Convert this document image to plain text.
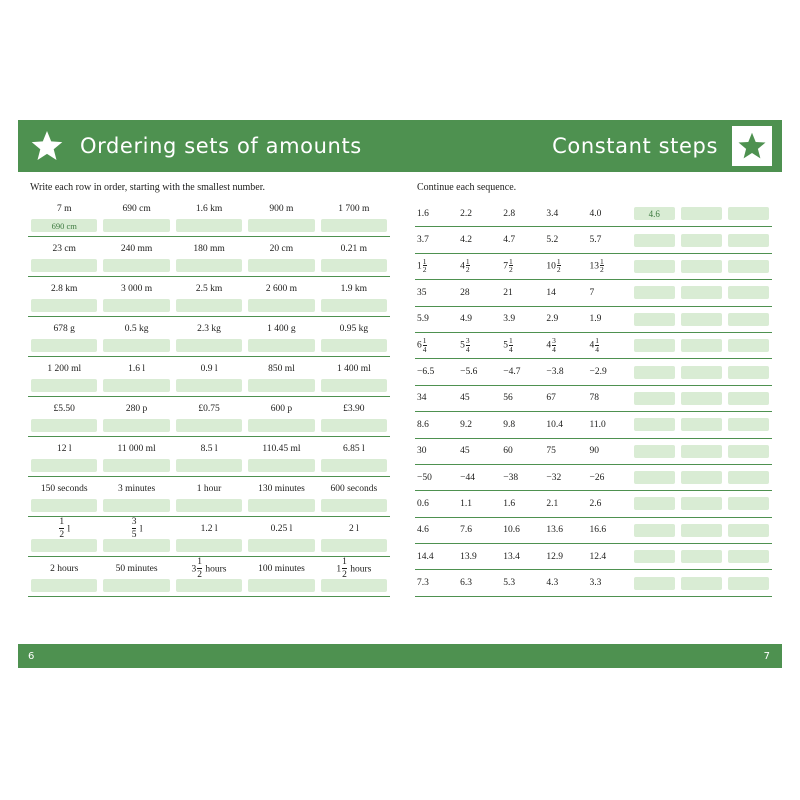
Ordering sets of amounts	Constant steps
Write each row in order, starting with the smallest number.
7 m	690 cm	1.6 km	900 m	1 700 m
690 cm
23 cm	240 mm	180 mm	20 cm	0.21 m
2.8 km	3 000 m	2.5 km	2 600 m	1.9 km
678 g	0.5 kg	2.3 kg	1 400 g	0.95 kg
1 200 ml	1.6 l	0.9 l	850 ml	1 400 ml
£5.50	280 p	£0.75	600 p	£3.90
12 l	11 000 ml	8.5 l	110.45 ml	6.85 l
150 seconds	3 minutes	1 hour	130 minutes	600 seconds
$\frac{1}{2}$ l	$\frac{3}{5}$ l	1.2 l	0.25 l	2 l
2 hours	50 minutes	$3 \frac{1}{2}$ hours	100 minutes	$1 \frac{1}{2}$ hours
Continue each sequence.
1.6	2.2	2.8	3.4	4.0	4.6
3.7	4.2	4.7	5.2	5.7
$1 \frac{1}{2}$	$4 \frac{1}{2}$	$7 \frac{1}{2}$	$10 \frac{1}{2}$	$13 \frac{1}{2}$
35	28	21	14	7
5.9	4.9	3.9	2.9	1.9
$6 \frac{1}{4}$	$5 \frac{3}{4}$	$5 \frac{1}{4}$	$4 \frac{3}{4}$	$4 \frac{1}{4}$
−6.5	−5.6	−4.7	−3.8	−2.9
34	45	56	67	78
8.6	9.2	9.8	10.4	11.0
30	45	60	75	90
−50	−44	−38	−32	−26
0.6	1.1	1.6	2.1	2.6
4.6	7.6	10.6	13.6	16.6
14.4	13.9	13.4	12.9	12.4
7.3	6.3	5.3	4.3	3.3
6	7
